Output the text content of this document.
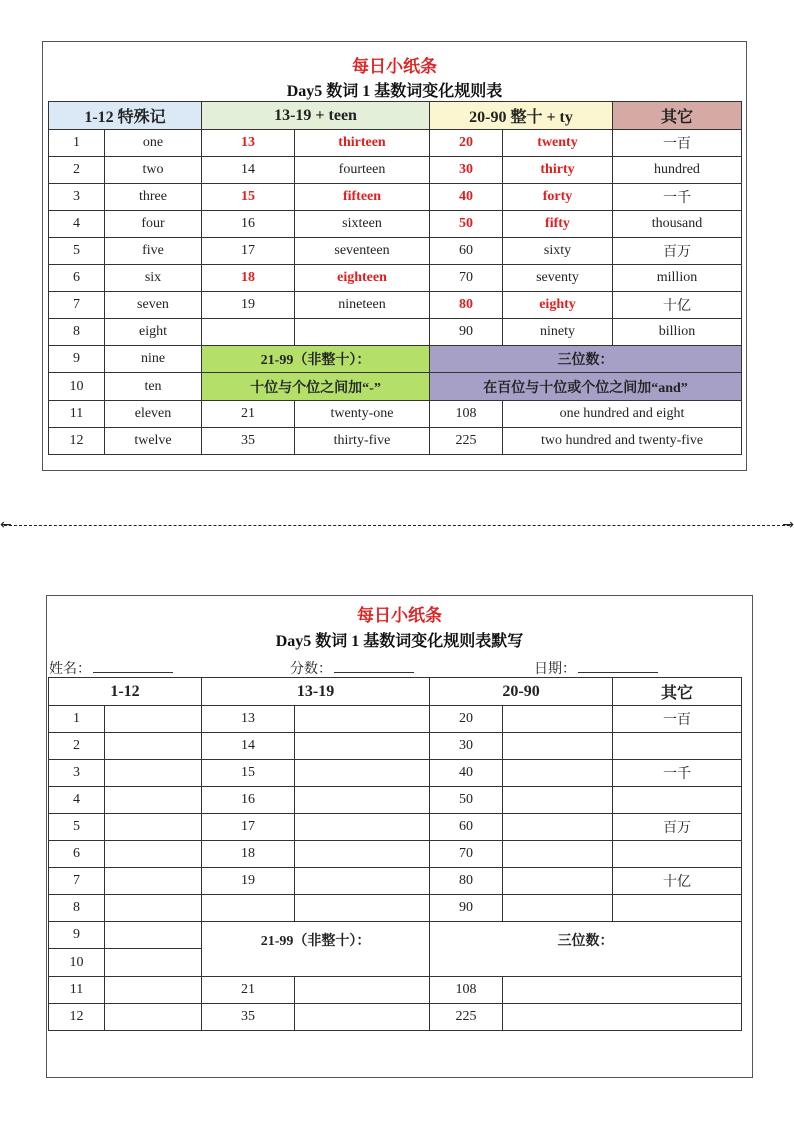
每日小纸条
Day5 数词 1 基数词变化规则表
1-12 特殊记		13-19 + teen		20-90 整十 + ty		其它
1	one	13	thirteen	20	twenty	一百
2	two	14	fourteen	30	thirty	hundred
3	three	15	fifteen	40	forty	一千
4	four	16	sixteen	50	fifty	thousand
5	five	17	seventeen	60	sixty	百万
6	six	18	eighteen	70	seventy	million
7	seven	19	nineteen	80	eighty	十亿
8	eight			90	ninety	billion
9	nine	21-99（非整十）：		三位数：		
10	ten	十位与个位之间加“-”		在百位与十位或个位之间加“and”		
11	eleven	21	twenty-one	108	one hundred and eight	
12	twelve	35	thirty-five	225	two hundred and twenty-five	
←	→
每日小纸条
Day5 数词 1 基数词变化规则表默写
姓名：	分数：	日期：
1-12		13-19		20-90		其它
1		13		20		一百
2		14		30		
3		15		40		一千
4		16		50		
5		17		60		百万
6		18		70		
7		19		80		十亿
8				90		
9		21-99（非整十）：		三位数：		
10						
11		21		108		
12		35		225		
